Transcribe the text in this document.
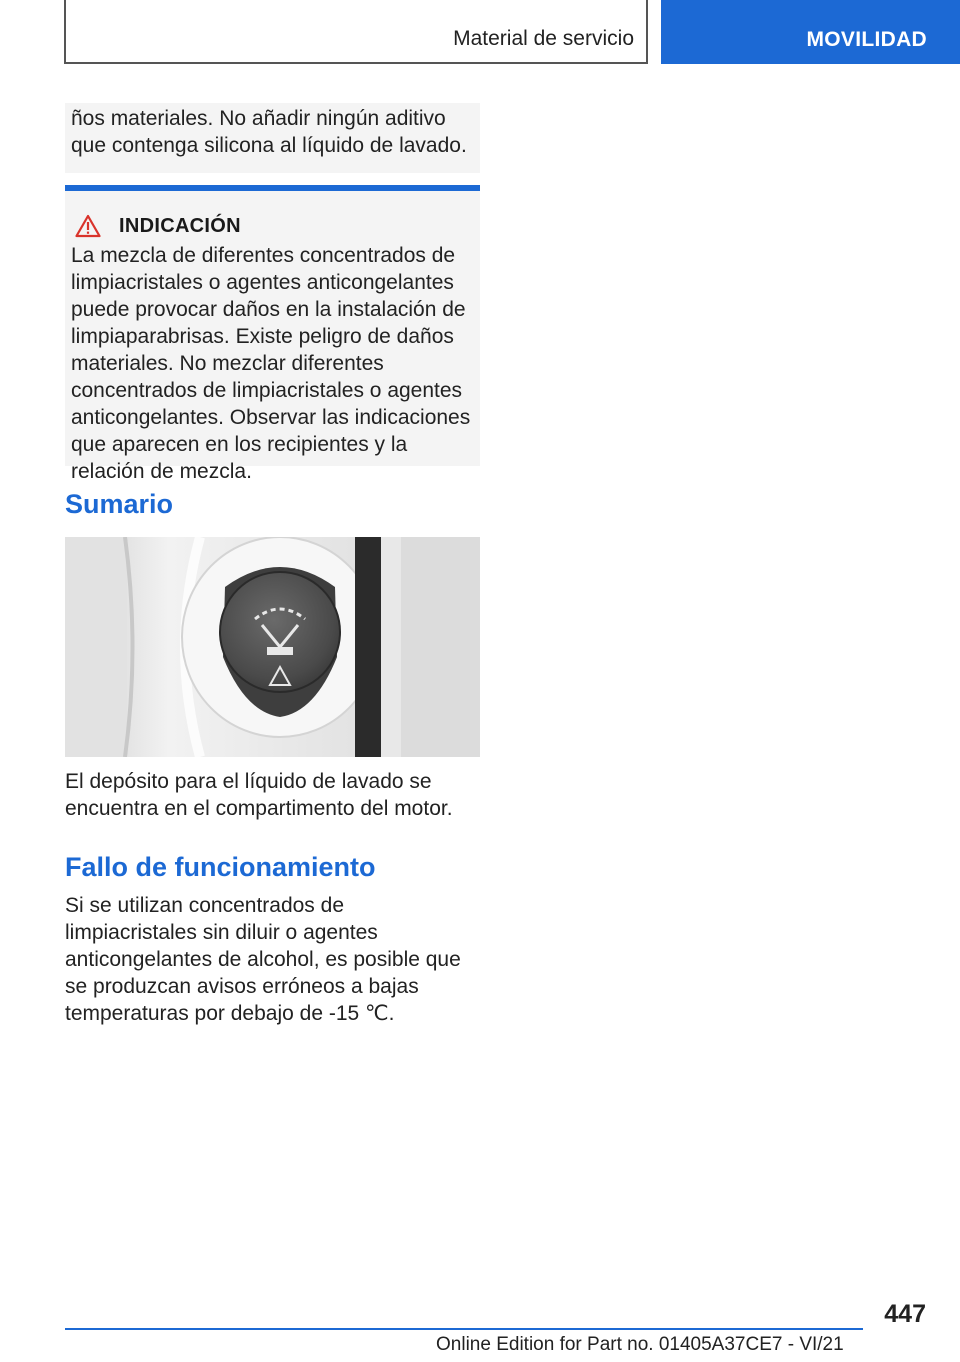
Material de servicio	MOVILIDAD
ños materiales. No añadir ningún aditivo que contenga silicona al líquido de lavado.
INDICACIÓN
La mezcla de diferentes concentrados de limpiacristales o agentes anticongelantes puede provocar daños en la instalación de limpiaparabrisas. Existe peligro de daños materiales. No mezclar diferentes concentrados de limpiacristales o agentes anticongelantes. Observar las indicaciones que aparecen en los recipientes y la relación de mezcla.
Sumario
El depósito para el líquido de lavado se encuentra en el compartimento del motor.
Fallo de funcionamiento
Si se utilizan concentrados de limpiacristales sin diluir o agentes anticongelantes de alcohol, es posible que se produzcan avisos erróneos a bajas temperaturas por debajo de -15 ℃.
447
Online Edition for Part no. 01405A37CE7 - VI/21
